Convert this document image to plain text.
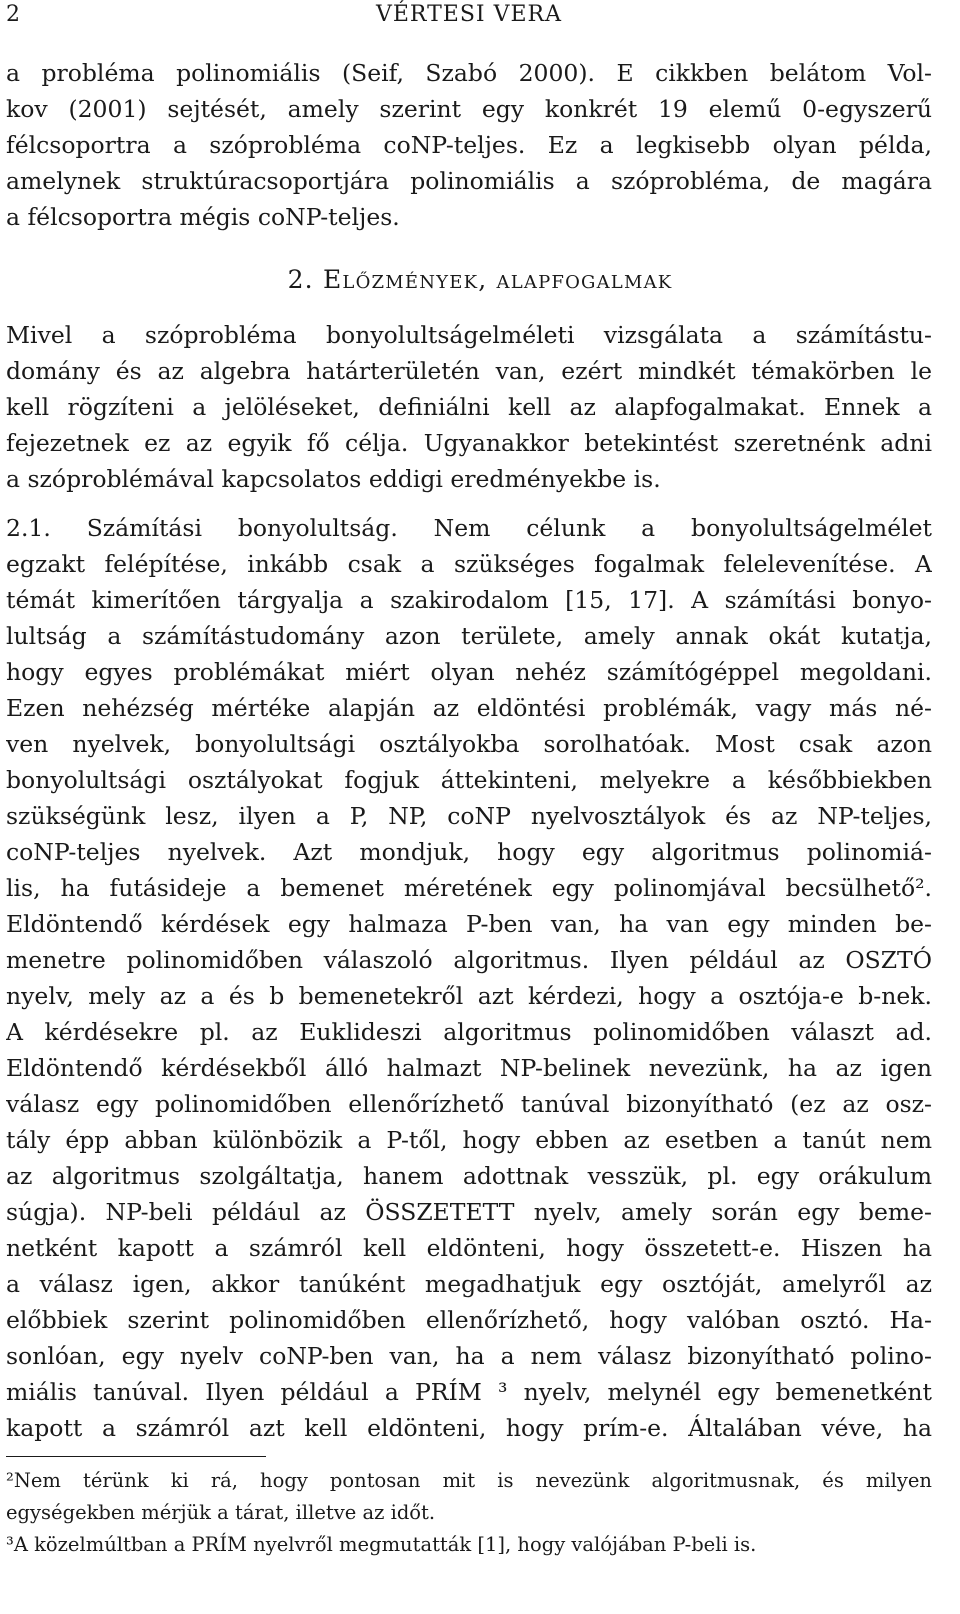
2	VÉRTESI VERA
a probléma polinomiális (Seif, Szabó 2000). E cikkben belátom Vol-
kov (2001) sejtését, amely szerint egy konkrét 19 elemű 0-egyszerű
félcsoportra a szóprobléma coNP-teljes. Ez a legkisebb olyan példa,
amelynek struktúracsoportjára polinomiális a szóprobléma, de magára
a félcsoportra mégis coNP-teljes.
2. Előzmények, alapfogalmak
Mivel a szóprobléma bonyolultságelméleti vizsgálata a számítástu-
domány és az algebra határterületén van, ezért mindkét témakörben le
kell rögzíteni a jelöléseket, definiálni kell az alapfogalmakat. Ennek a
fejezetnek ez az egyik fő célja. Ugyanakkor betekintést szeretnénk adni
a szóproblémával kapcsolatos eddigi eredményekbe is.
2.1. Számítási bonyolultság. Nem célunk a bonyolultságelmélet
egzakt felépítése, inkább csak a szükséges fogalmak felelevenítése. A
témát kimerítően tárgyalja a szakirodalom [15, 17]. A számítási bonyo-
lultság a számítástudomány azon területe, amely annak okát kutatja,
hogy egyes problémákat miért olyan nehéz számítógéppel megoldani.
Ezen nehézség mértéke alapján az eldöntési problémák, vagy más né-
ven nyelvek, bonyolultsági osztályokba sorolhatóak. Most csak azon
bonyolultsági osztályokat fogjuk áttekinteni, melyekre a későbbiekben
szükségünk lesz, ilyen a P, NP, coNP nyelvosztályok és az NP-teljes,
coNP-teljes nyelvek. Azt mondjuk, hogy egy algoritmus polinomiá-
lis, ha futásideje a bemenet méretének egy polinomjával becsülhető².
Eldöntendő kérdések egy halmaza P-ben van, ha van egy minden be-
menetre polinomidőben válaszoló algoritmus. Ilyen például az OSZTÓ
nyelv, mely az a és b bemenetekről azt kérdezi, hogy a osztója-e b-nek.
A kérdésekre pl. az Euklideszi algoritmus polinomidőben választ ad.
Eldöntendő kérdésekből álló halmazt NP-belinek nevezünk, ha az igen
válasz egy polinomidőben ellenőrízhető tanúval bizonyítható (ez az osz-
tály épp abban különbözik a P-től, hogy ebben az esetben a tanút nem
az algoritmus szolgáltatja, hanem adottnak vesszük, pl. egy orákulum
súgja). NP-beli például az ÖSSZETETT nyelv, amely során egy beme-
netként kapott a számról kell eldönteni, hogy összetett-e. Hiszen ha
a válasz igen, akkor tanúként megadhatjuk egy osztóját, amelyről az
előbbiek szerint polinomidőben ellenőrízhető, hogy valóban osztó. Ha-
sonlóan, egy nyelv coNP-ben van, ha a nem válasz bizonyítható polino-
miális tanúval. Ilyen például a PRÍM ³ nyelv, melynél egy bemenetként
kapott a számról azt kell eldönteni, hogy prím-e. Általában véve, ha
²Nem térünk ki rá, hogy pontosan mit is nevezünk algoritmusnak, és milyen
egységekben mérjük a tárat, illetve az időt.
³A közelmúltban a PRÍM nyelvről megmutatták [1], hogy valójában P-beli is.
